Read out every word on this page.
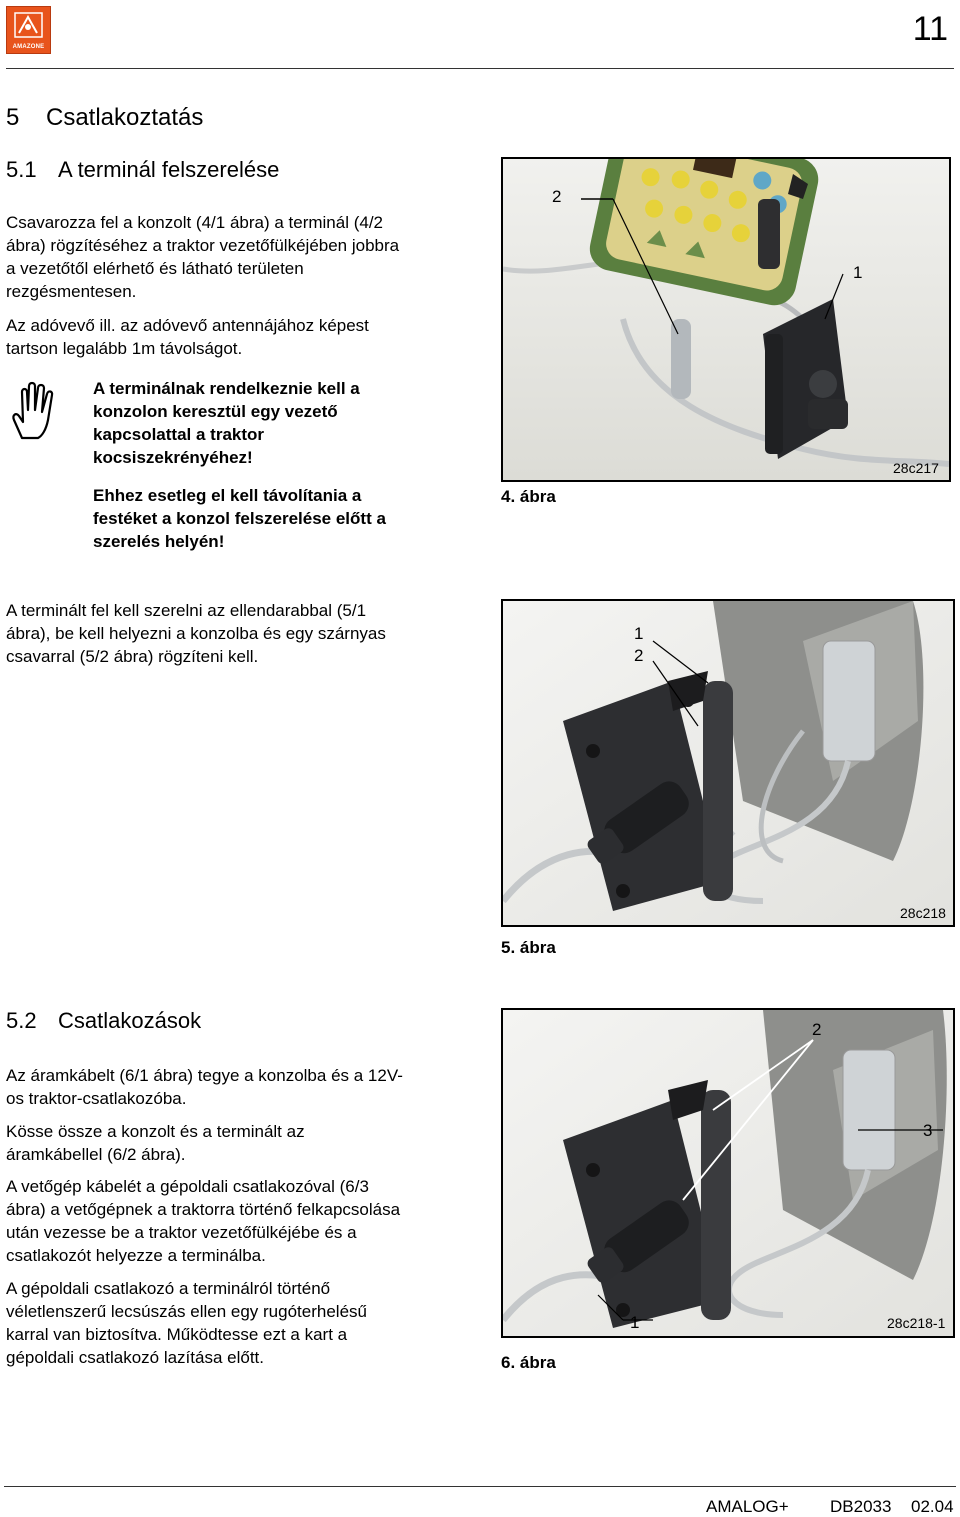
AMAZONE	11
5 Csatlakoztatás
5.1 A terminál felszerelése
Csavarozza fel a konzolt (4/1 ábra) a terminál (4/2
ábra) rögzítéséhez a traktor vezetőfülkéjében jobbra
a vezetőtől elérhető és látható területen
rezgésmentesen.
Az adóvevő ill. az adóvevő antennájához képest
tartson legalább 1m távolságot.
A terminálnak rendelkeznie kell a
konzolon keresztül egy vezető
kapcsolattal a traktor
kocsiszekrényéhez!
Ehhez esetleg el kell távolítania a
festéket a konzol felszerelése előtt a
szerelés helyén!
2
1
28c217
4. ábra
A terminált fel kell szerelni az ellendarabbal (5/1
ábra), be kell helyezni a konzolba és egy szárnyas
csavarral (5/2 ábra) rögzíteni kell.
1
2
28c218
5. ábra
5.2 Csatlakozások
Az áramkábelt (6/1 ábra) tegye a konzolba és a 12V-
os traktor-csatlakozóba.
Kösse össze a konzolt és a terminált az
áramkábellel (6/2 ábra).
A vetőgép kábelét a gépoldali csatlakozóval (6/3
ábra) a vetőgépnek a traktorra történő felkapcsolása
után vezesse be a traktor vezetőfülkéjébe és a
csatlakozót helyezze a terminálba.
A gépoldali csatlakozó a terminálról történő
véletlenszerű lecsúszás ellen egy rugóterhelésű
karral van biztosítva. Működtesse ezt a kart a
gépoldali csatlakozó lazítása előtt.
2
3
1	28c218-1
6. ábra
AMALOG+ DB2033 02.04
